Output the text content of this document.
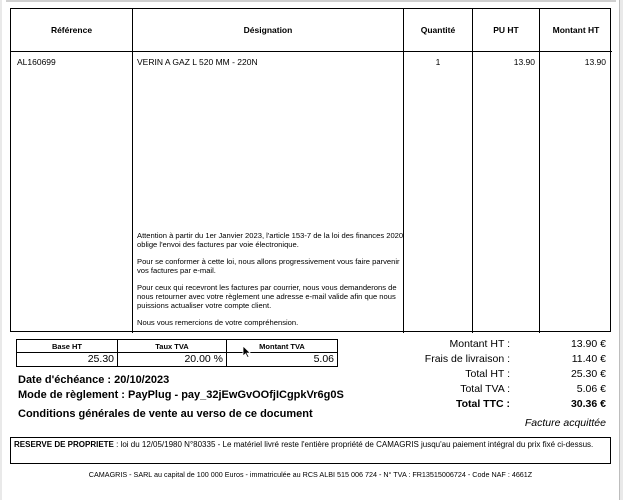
Référence	Désignation	Quantité	PU HT	Montant HT
AL160699	VERIN A GAZ L 520 MM - 220N	1	13.90	13.90

Attention à partir du 1er Janvier 2023, l'article 153-7 de la loi des finances 2020 oblige l'envoi des factures par voie électronique.

Pour se conformer à cette loi, nous allons progressivement vous faire parvenir vos factures par e-mail.

Pour ceux qui recevront les factures par courrier, nous vous demanderons de nous retourner avec votre règlement une adresse e-mail valide afin que nous puissions actualiser votre compte client.

Nous vous remercions de votre compréhension.

Base HT	Taux TVA	Montant TVA
25.30	20.00 %	5.06
Date d'échéance : 20/10/2023
Mode de règlement : PayPlug - pay_32jEwGvOOfjICgpkVr6g0S
Conditions générales de vente au verso de ce document
Montant HT :	13.90 €
Frais de livraison :	11.40 €
Total HT :	25.30 €
Total TVA :	5.06 €
Total TTC :	30.36 €
Facture acquittée
RESERVE DE PROPRIETE : loi du 12/05/1980 N°80335 - Le matériel livré reste l'entière propriété de CAMAGRIS jusqu'au paiement intégral du prix fixé ci-dessus.
CAMAGRIS - SARL au capital de 100 000 Euros - immatriculée au RCS ALBI 515 006 724 - N° TVA : FR13515006724 - Code NAF : 4661Z
